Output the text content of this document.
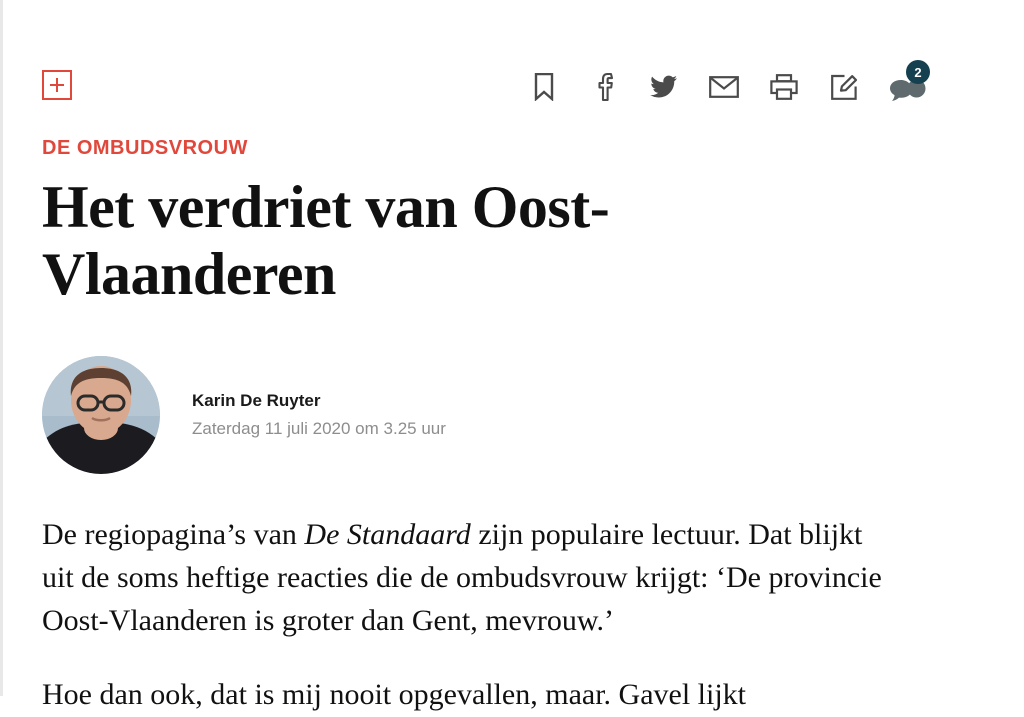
2
DE OMBUDSVROUW
Het verdriet van Oost-Vlaanderen
Karin De Ruyter
Zaterdag 11 juli 2020 om 3.25 uur

De regiopagina’s van De Standaard zijn populaire lectuur. Dat blijkt uit de soms heftige reacties die de ombudsvrouw krijgt: ‘De provincie Oost-Vlaanderen is groter dan Gent, mevrouw.’

Hoe dan ook, dat is mij nooit opgevallen, maar. Gavel lijkt
